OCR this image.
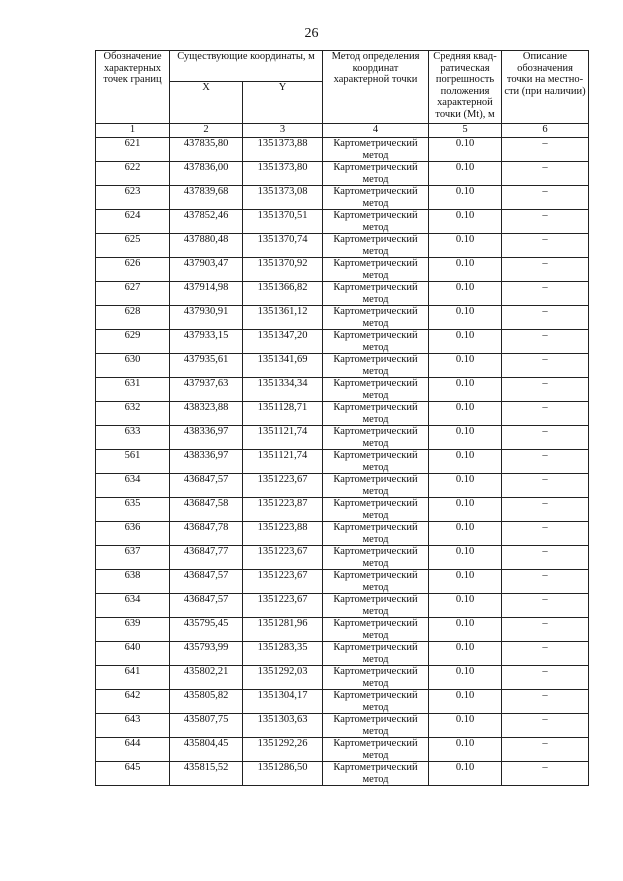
26
Обозначение характерных точек границ	Существующие координаты, м		Метод определения координат характерной точки	Средняя квад-ратическая погрешность положения характерной точки (Mt), м	Описание обозначения точки на местно-сти (при наличии)
	X	Y			
1	2	3	4	5	6
621	437835,80	1351373,88	Картометрический метод	0.10	–
622	437836,00	1351373,80	Картометрический метод	0.10	–
623	437839,68	1351373,08	Картометрический метод	0.10	–
624	437852,46	1351370,51	Картометрический метод	0.10	–
625	437880,48	1351370,74	Картометрический метод	0.10	–
626	437903,47	1351370,92	Картометрический метод	0.10	–
627	437914,98	1351366,82	Картометрический метод	0.10	–
628	437930,91	1351361,12	Картометрический метод	0.10	–
629	437933,15	1351347,20	Картометрический метод	0.10	–
630	437935,61	1351341,69	Картометрический метод	0.10	–
631	437937,63	1351334,34	Картометрический метод	0.10	–
632	438323,88	1351128,71	Картометрический метод	0.10	–
633	438336,97	1351121,74	Картометрический метод	0.10	–
561	438336,97	1351121,74	Картометрический метод	0.10	–
634	436847,57	1351223,67	Картометрический метод	0.10	–
635	436847,58	1351223,87	Картометрический метод	0.10	–
636	436847,78	1351223,88	Картометрический метод	0.10	–
637	436847,77	1351223,67	Картометрический метод	0.10	–
638	436847,57	1351223,67	Картометрический метод	0.10	–
634	436847,57	1351223,67	Картометрический метод	0.10	–
639	435795,45	1351281,96	Картометрический метод	0.10	–
640	435793,99	1351283,35	Картометрический метод	0.10	–
641	435802,21	1351292,03	Картометрический метод	0.10	–
642	435805,82	1351304,17	Картометрический метод	0.10	–
643	435807,75	1351303,63	Картометрический метод	0.10	–
644	435804,45	1351292,26	Картометрический метод	0.10	–
645	435815,52	1351286,50	Картометрический метод	0.10	–
